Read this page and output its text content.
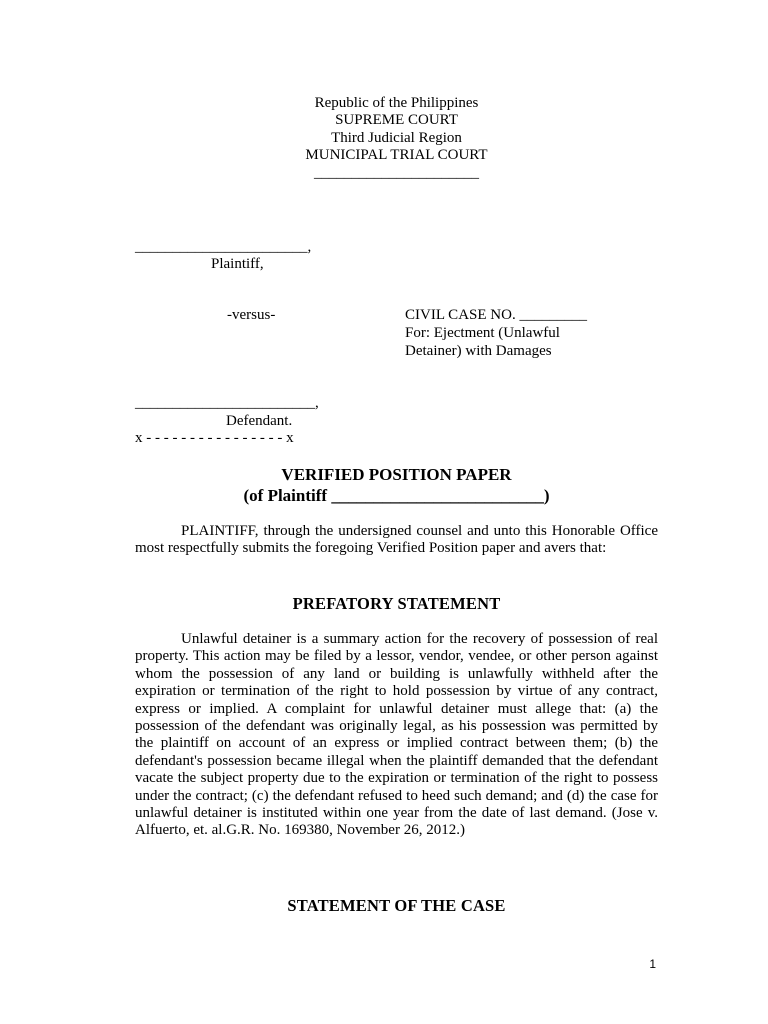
Republic of the Philippines
SUPREME COURT
Third Judicial Region
MUNICIPAL TRIAL COURT
______________________
_______________________,
Plaintiff,
-versus-	CIVIL CASE NO. _________
For: Ejectment (Unlawful
Detainer) with Damages
________________________,
Defendant.
x - - - - - - - - - - - - - - - - x
VERIFIED POSITION PAPER
(of Plaintiff _________________________)
PLAINTIFF, through the undersigned counsel and unto this Honorable Office most respectfully submits the foregoing Verified Position paper and avers that:
PREFATORY STATEMENT
Unlawful detainer is a summary action for the recovery of possession of real property. This action may be filed by a lessor, vendor, vendee, or other person against whom the possession of any land or building is unlawfully withheld after the expiration or termination of the right to hold possession by virtue of any contract, express or implied. A complaint for unlawful detainer must allege that: (a) the possession of the defendant was originally legal, as his possession was permitted by the plaintiff on account of an express or implied contract between them; (b) the defendant's possession became illegal when the plaintiff demanded that the defendant vacate the subject property due to the expiration or termination of the right to possess under the contract; (c) the defendant refused to heed such demand; and (d) the case for unlawful detainer is instituted within one year from the date of last demand. (Jose v. Alfuerto, et. al.G.R. No. 169380, November 26, 2012.)
STATEMENT OF THE CASE
1
